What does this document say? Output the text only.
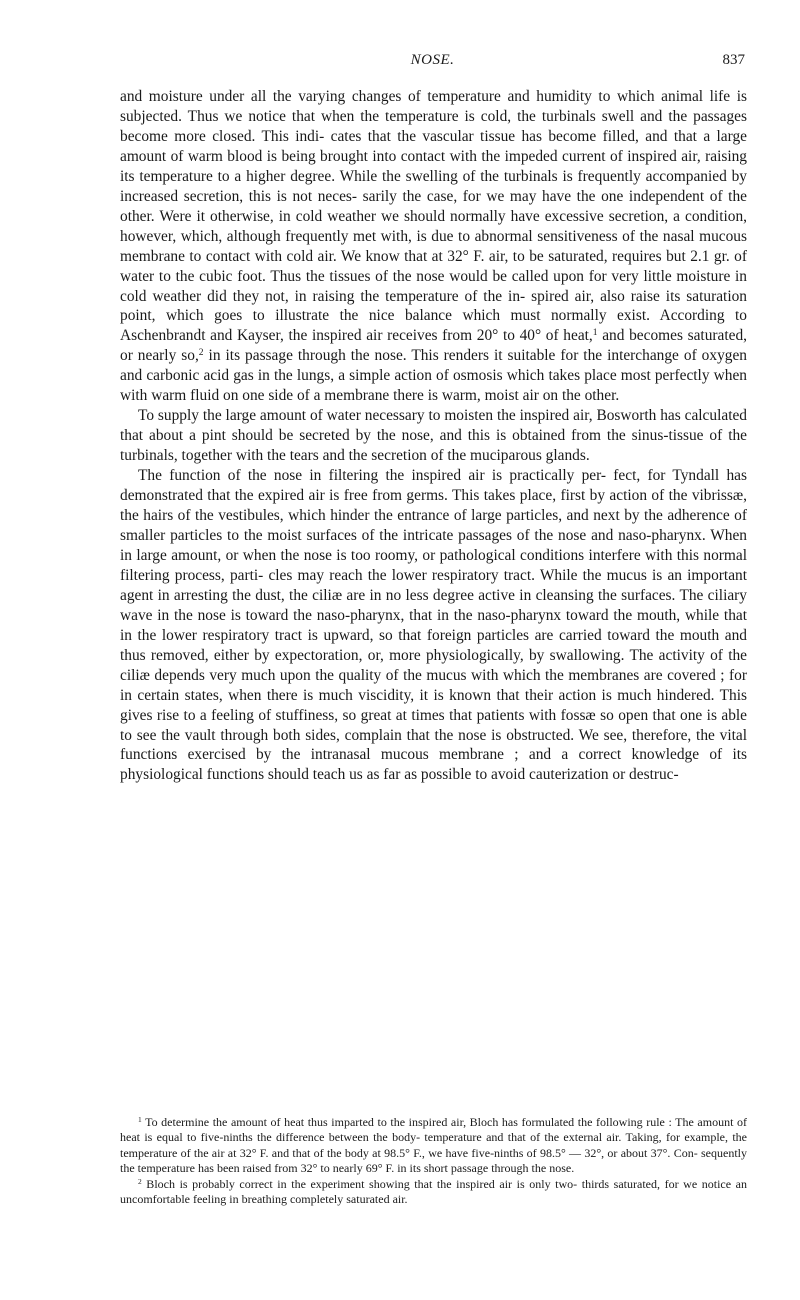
NOSE.	837

and moisture under all the varying changes of temperature and humidity to which animal life is subjected. Thus we notice that when the temperature is cold, the turbinals swell and the passages become more closed. This indi- cates that the vascular tissue has become filled, and that a large amount of warm blood is being brought into contact with the impeded current of inspired air, raising its temperature to a higher degree. While the swelling of the turbinals is frequently accompanied by increased secretion, this is not neces- sarily the case, for we may have the one independent of the other. Were it otherwise, in cold weather we should normally have excessive secretion, a condition, however, which, although frequently met with, is due to abnormal sensitiveness of the nasal mucous membrane to contact with cold air. We know that at 32° F. air, to be saturated, requires but 2.1 gr. of water to the cubic foot. Thus the tissues of the nose would be called upon for very little moisture in cold weather did they not, in raising the temperature of the in- spired air, also raise its saturation point, which goes to illustrate the nice balance which must normally exist. According to Aschenbrandt and Kayser, the inspired air receives from 20° to 40° of heat,$^1$ and becomes saturated, or nearly so,$^2$ in its passage through the nose. This renders it suitable for the interchange of oxygen and carbonic acid gas in the lungs, a simple action of osmosis which takes place most perfectly when with warm fluid on one side of a membrane there is warm, moist air on the other.

To supply the large amount of water necessary to moisten the inspired air, Bosworth has calculated that about a pint should be secreted by the nose, and this is obtained from the sinus-tissue of the turbinals, together with the tears and the secretion of the muciparous glands.

The function of the nose in filtering the inspired air is practically per- fect, for Tyndall has demonstrated that the expired air is free from germs. This takes place, first by action of the vibrissæ, the hairs of the vestibules, which hinder the entrance of large particles, and next by the adherence of smaller particles to the moist surfaces of the intricate passages of the nose and naso-pharynx. When in large amount, or when the nose is too roomy, or pathological conditions interfere with this normal filtering process, parti- cles may reach the lower respiratory tract. While the mucus is an important agent in arresting the dust, the ciliæ are in no less degree active in cleansing the surfaces. The ciliary wave in the nose is toward the naso-pharynx, that in the naso-pharynx toward the mouth, while that in the lower respiratory tract is upward, so that foreign particles are carried toward the mouth and thus removed, either by expectoration, or, more physiologically, by swallowing. The activity of the ciliæ depends very much upon the quality of the mucus with which the membranes are covered ; for in certain states, when there is much viscidity, it is known that their action is much hindered. This gives rise to a feeling of stuffiness, so great at times that patients with fossæ so open that one is able to see the vault through both sides, complain that the nose is obstructed. We see, therefore, the vital functions exercised by the intranasal mucous membrane ; and a correct knowledge of its physiological functions should teach us as far as possible to avoid cauterization or destruc-

$^1$ To determine the amount of heat thus imparted to the inspired air, Bloch has formulated the following rule : The amount of heat is equal to five-ninths the difference between the body- temperature and that of the external air. Taking, for example, the temperature of the air at 32° F. and that of the body at 98.5° F., we have five-ninths of 98.5° — 32°, or about 37°. Con- sequently the temperature has been raised from 32° to nearly 69° F. in its short passage through the nose.

$^2$ Bloch is probably correct in the experiment showing that the inspired air is only two- thirds saturated, for we notice an uncomfortable feeling in breathing completely saturated air.
